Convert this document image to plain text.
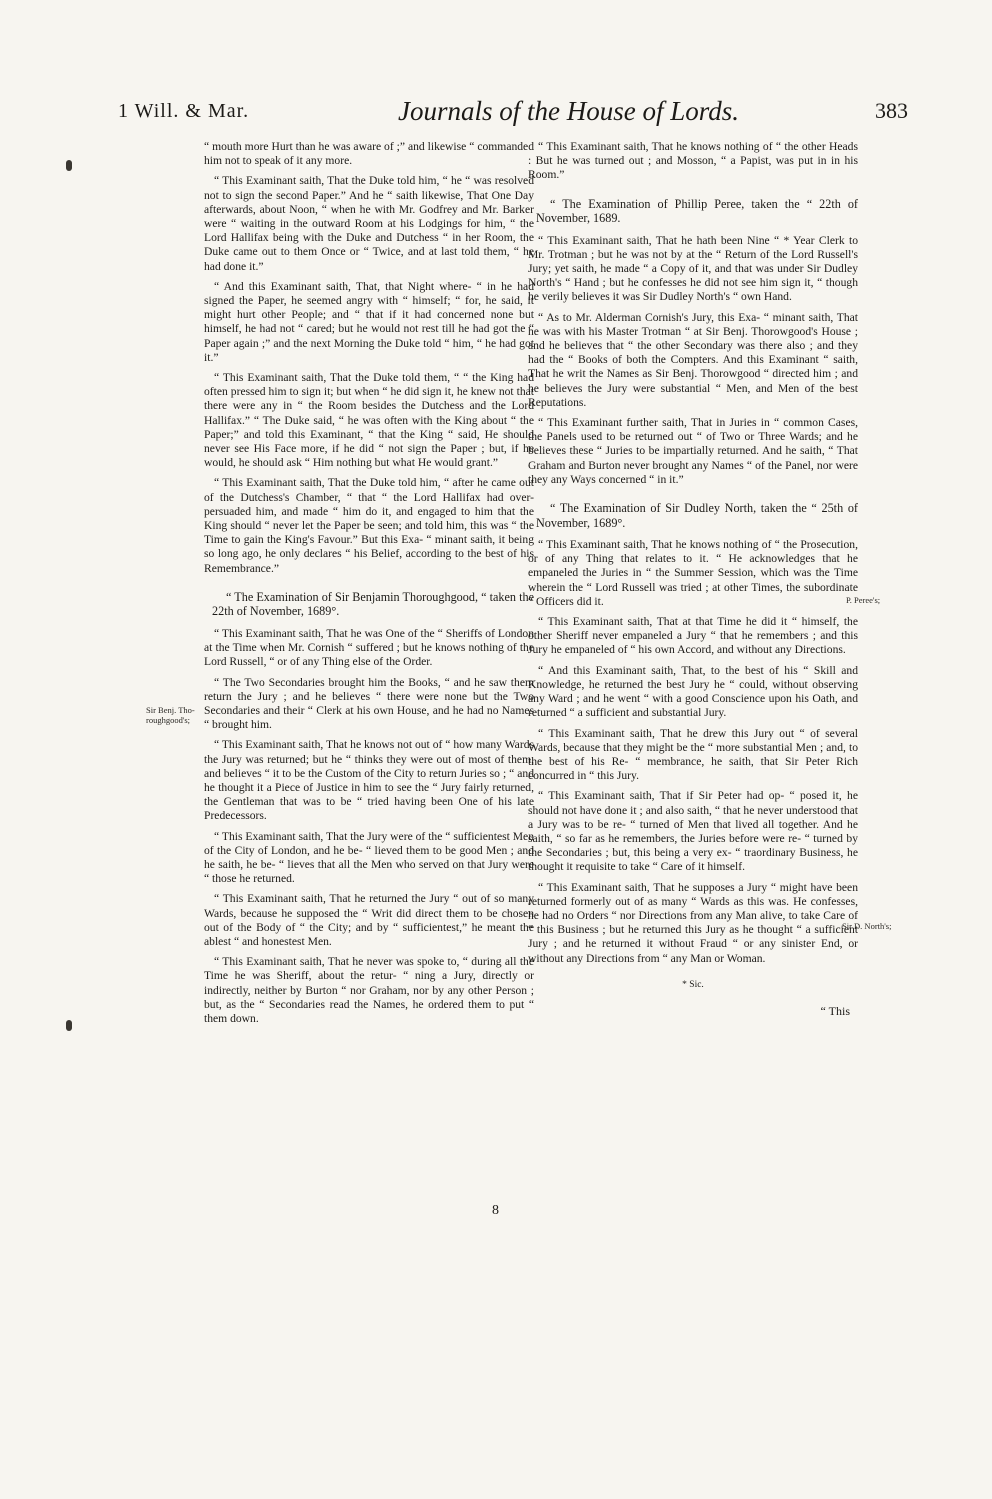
1 Will. & Mar.	Journals of the House of Lords.	383
Sir Benj. Tho- roughgood's;
P. Peree's;
Sir D. North's;

“ mouth more Hurt than he was aware of ;” and likewise “ commanded him not to speak of it any more.

“ This Examinant saith, That the Duke told him, “ he “ was resolved not to sign the second Paper.” And he “ saith likewise, That One Day afterwards, about Noon, “ when he with Mr. Godfrey and Mr. Barker were “ waiting in the outward Room at his Lodgings for him, “ the Lord Hallifax being with the Duke and Dutchess “ in her Room, the Duke came out to them Once or “ Twice, and at last told them, “ he had done it.”

“ And this Examinant saith, That, that Night where- “ in he had signed the Paper, he seemed angry with “ himself; “ for, he said, it might hurt other People; and “ that if it had concerned none but himself, he had not “ cared; but he would not rest till he had got the “ Paper again ;” and the next Morning the Duke told “ him, “ he had got it.”

“ This Examinant saith, That the Duke told them, “ “ the King had often pressed him to sign it; but when “ he did sign it, he knew not that there were any in “ the Room besides the Dutchess and the Lord Hallifax.” “ The Duke said, “ he was often with the King about “ the Paper;” and told this Examinant, “ that the King “ said, He should never see His Face more, if he did “ not sign the Paper ; but, if he would, he should ask “ Him nothing but what He would grant.”

“ This Examinant saith, That the Duke told him, “ after he came out of the Dutchess's Chamber, “ that “ the Lord Hallifax had over-persuaded him, and made “ him do it, and engaged to him that the King should “ never let the Paper be seen; and told him, this was “ the Time to gain the King's Favour.” But this Exa- “ minant saith, it being so long ago, he only declares “ his Belief, according to the best of his Remembrance.”

“ The Examination of Sir Benjamin Thoroughgood, “ taken the 22th of November, 1689°.

“ This Examinant saith, That he was One of the “ Sheriffs of London at the Time when Mr. Cornish “ suffered ; but he knows nothing of the Lord Russell, “ or of any Thing else of the Order.

“ The Two Secondaries brought him the Books, “ and he saw them return the Jury ; and he believes “ there were none but the Two Secondaries and their “ Clerk at his own House, and he had no Names “ brought him.

“ This Examinant saith, That he knows not out of “ how many Wards the Jury was returned; but he “ thinks they were out of most of them, and believes “ it to be the Custom of the City to return Juries so ; “ and he thought it a Piece of Justice in him to see the “ Jury fairly returned, the Gentleman that was to be “ tried having been One of his late Predecessors.

“ This Examinant saith, That the Jury were of the “ sufficientest Men of the City of London, and he be- “ lieved them to be good Men ; and he saith, he be- “ lieves that all the Men who served on that Jury were “ those he returned.

“ This Examinant saith, That he returned the Jury “ out of so many Wards, because he supposed the “ Writ did direct them to be chosen out of the Body of “ the City; and by “ sufficientest,” he meant the ablest “ and honestest Men.

“ This Examinant saith, That he never was spoke to, “ during all the Time he was Sheriff, about the retur- “ ning a Jury, directly or indirectly, neither by Burton “ nor Graham, nor by any other Person ; but, as the “ Secondaries read the Names, he ordered them to put “ them down.

“ This Examinant saith, That he knows nothing of “ the other Heads : But he was turned out ; and Mosson, “ a Papist, was put in in his Room.”

“ The Examination of Phillip Peree, taken the “ 22th of November, 1689.

“ This Examinant saith, That he hath been Nine “ * Year Clerk to Mr. Trotman ; but he was not by at the “ Return of the Lord Russell's Jury; yet saith, he made “ a Copy of it, and that was under Sir Dudley North's “ Hand ; but he confesses he did not see him sign it, “ though he verily believes it was Sir Dudley North's “ own Hand.

“ As to Mr. Alderman Cornish's Jury, this Exa- “ minant saith, That he was with his Master Trotman “ at Sir Benj. Thorowgood's House ; and he believes that “ the other Secondary was there also ; and they had the “ Books of both the Compters. And this Examinant “ saith, That he writ the Names as Sir Benj. Thorowgood “ directed him ; and he believes the Jury were substantial “ Men, and Men of the best Reputations.

“ This Examinant further saith, That in Juries in “ common Cases, the Panels used to be returned out “ of Two or Three Wards; and he believes these “ Juries to be impartially returned. And he saith, “ That Graham and Burton never brought any Names “ of the Panel, nor were they any Ways concerned “ in it.”

“ The Examination of Sir Dudley North, taken the “ 25th of November, 1689°.

“ This Examinant saith, That he knows nothing of “ the Prosecution, or of any Thing that relates to it. “ He acknowledges that he empaneled the Juries in “ the Summer Session, which was the Time wherein the “ Lord Russell was tried ; at other Times, the subordinate “ Officers did it.

“ This Examinant saith, That at that Time he did it “ himself, the other Sheriff never empaneled a Jury “ that he remembers ; and this Jury he empaneled of “ his own Accord, and without any Directions.

“ And this Examinant saith, That, to the best of his “ Skill and Knowledge, he returned the best Jury he “ could, without observing any Ward ; and he went “ with a good Conscience upon his Oath, and returned “ a sufficient and substantial Jury.

“ This Examinant saith, That he drew this Jury out “ of several Wards, because that they might be the “ more substantial Men ; and, to the best of his Re- “ membrance, he saith, that Sir Peter Rich concurred in “ this Jury.

“ This Examinant saith, That if Sir Peter had op- “ posed it, he should not have done it ; and also saith, “ that he never understood that a Jury was to be re- “ turned of Men that lived all together. And he saith, “ so far as he remembers, the Juries before were re- “ turned by the Secondaries ; but, this being a very ex- “ traordinary Business, he thought it requisite to take “ Care of it himself.

“ This Examinant saith, That he supposes a Jury “ might have been returned formerly out of as many “ Wards as this was. He confesses, he had no Orders “ nor Directions from any Man alive, to take Care of “ this Business ; but he returned this Jury as he thought “ a sufficient Jury ; and he returned it without Fraud “ or any sinister End, or without any Directions from “ any Man or Woman.

* Sic.

“ This

8
